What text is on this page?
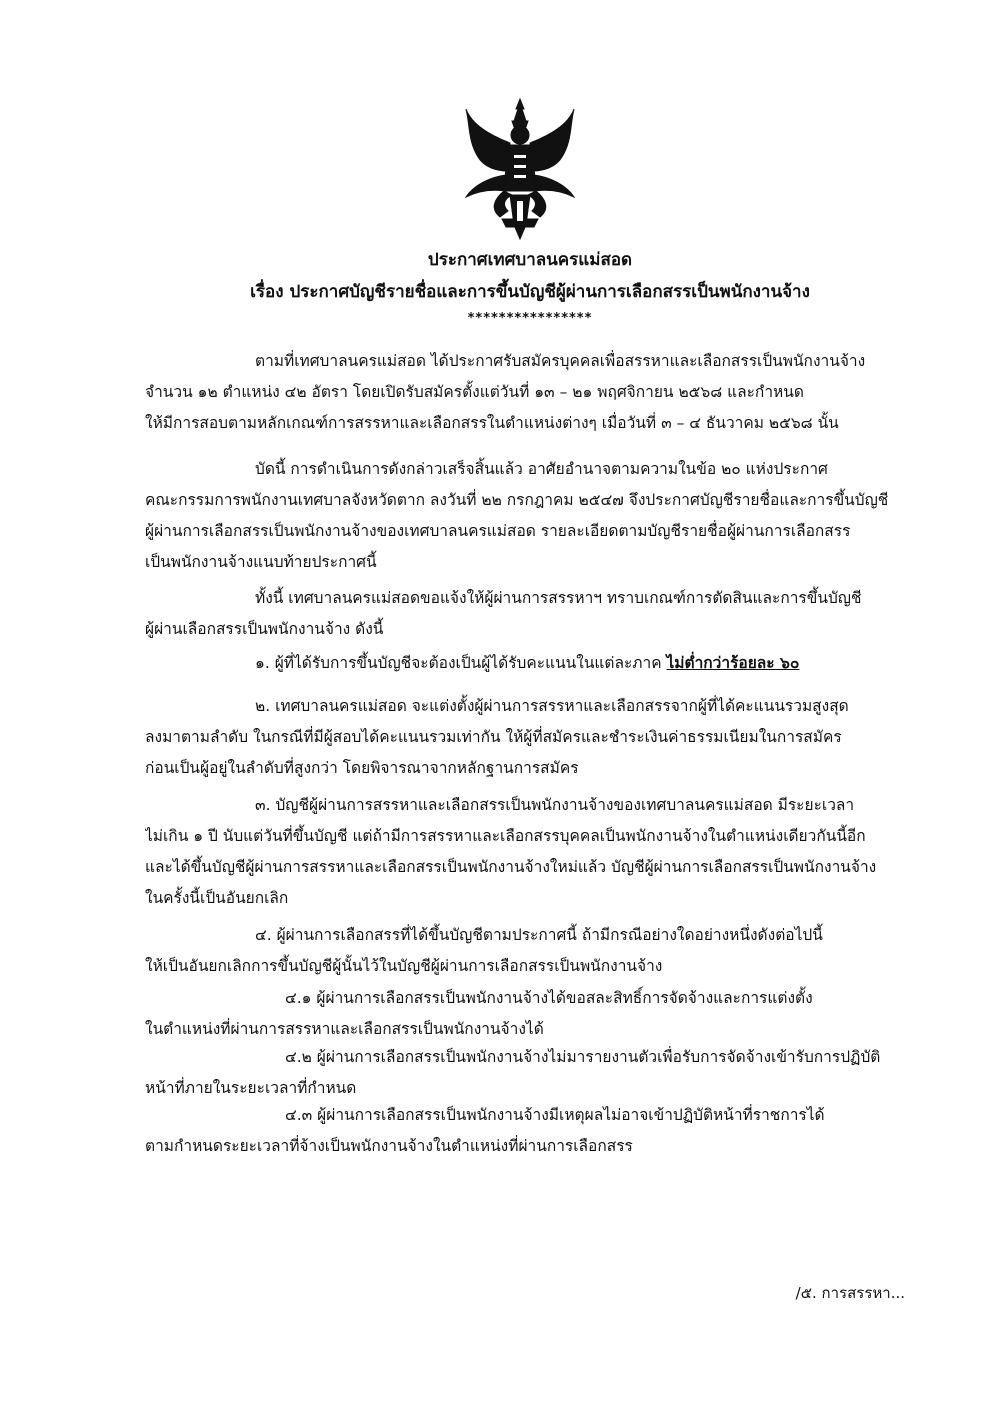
ประกาศเทศบาลนครแม่สอด
เรื่อง ประกาศบัญชีรายชื่อและการขึ้นบัญชีผู้ผ่านการเลือกสรรเป็นพนักงานจ้าง
****************
ตามที่เทศบาลนครแม่สอด ได้ประกาศรับสมัครบุคคลเพื่อสรรหาและเลือกสรรเป็นพนักงานจ้าง
จำนวน ๑๒ ตำแหน่ง ๔๒ อัตรา โดยเปิดรับสมัครตั้งแต่วันที่ ๑๓ – ๒๑ พฤศจิกายน ๒๕๖๘ และกำหนด
ให้มีการสอบตามหลักเกณฑ์การสรรหาและเลือกสรรในตำแหน่งต่างๆ เมื่อวันที่ ๓ – ๔ ธันวาคม ๒๕๖๘ นั้น
บัดนี้ การดำเนินการดังกล่าวเสร็จสิ้นแล้ว อาศัยอำนาจตามความในข้อ ๒๐ แห่งประกาศ
คณะกรรมการพนักงานเทศบาลจังหวัดตาก ลงวันที่ ๒๒ กรกฎาคม ๒๕๔๗ จึงประกาศบัญชีรายชื่อและการขึ้นบัญชี
ผู้ผ่านการเลือกสรรเป็นพนักงานจ้างของเทศบาลนครแม่สอด รายละเอียดตามบัญชีรายชื่อผู้ผ่านการเลือกสรร
เป็นพนักงานจ้างแนบท้ายประกาศนี้
ทั้งนี้ เทศบาลนครแม่สอดขอแจ้งให้ผู้ผ่านการสรรหาฯ ทราบเกณฑ์การตัดสินและการขึ้นบัญชี
ผู้ผ่านเลือกสรรเป็นพนักงานจ้าง ดังนี้
๑. ผู้ที่ได้รับการขึ้นบัญชีจะต้องเป็นผู้ได้รับคะแนนในแต่ละภาค ไม่ต่ำกว่าร้อยละ ๖๐
๒. เทศบาลนครแม่สอด จะแต่งตั้งผู้ผ่านการสรรหาและเลือกสรรจากผู้ที่ได้คะแนนรวมสูงสุด
ลงมาตามลำดับ ในกรณีที่มีผู้สอบได้คะแนนรวมเท่ากัน ให้ผู้ที่สมัครและชำระเงินค่าธรรมเนียมในการสมัคร
ก่อนเป็นผู้อยู่ในลำดับที่สูงกว่า โดยพิจารณาจากหลักฐานการสมัคร
๓. บัญชีผู้ผ่านการสรรหาและเลือกสรรเป็นพนักงานจ้างของเทศบาลนครแม่สอด มีระยะเวลา
ไม่เกิน ๑ ปี นับแต่วันที่ขึ้นบัญชี แต่ถ้ามีการสรรหาและเลือกสรรบุคคลเป็นพนักงานจ้างในตำแหน่งเดียวกันนี้อีก
และได้ขึ้นบัญชีผู้ผ่านการสรรหาและเลือกสรรเป็นพนักงานจ้างใหม่แล้ว บัญชีผู้ผ่านการเลือกสรรเป็นพนักงานจ้าง
ในครั้งนี้เป็นอันยกเลิก
๔. ผู้ผ่านการเลือกสรรที่ได้ขึ้นบัญชีตามประกาศนี้ ถ้ามีกรณีอย่างใดอย่างหนึ่งดังต่อไปนี้
ให้เป็นอันยกเลิกการขึ้นบัญชีผู้นั้นไว้ในบัญชีผู้ผ่านการเลือกสรรเป็นพนักงานจ้าง
๔.๑ ผู้ผ่านการเลือกสรรเป็นพนักงานจ้างได้ขอสละสิทธิ์การจัดจ้างและการแต่งตั้ง
ในตำแหน่งที่ผ่านการสรรหาและเลือกสรรเป็นพนักงานจ้างได้
๔.๒ ผู้ผ่านการเลือกสรรเป็นพนักงานจ้างไม่มารายงานตัวเพื่อรับการจัดจ้างเข้ารับการปฏิบัติ
หน้าที่ภายในระยะเวลาที่กำหนด
๔.๓ ผู้ผ่านการเลือกสรรเป็นพนักงานจ้างมีเหตุผลไม่อาจเข้าปฏิบัติหน้าที่ราชการได้
ตามกำหนดระยะเวลาที่จ้างเป็นพนักงานจ้างในตำแหน่งที่ผ่านการเลือกสรร
/๕. การสรรหา...
